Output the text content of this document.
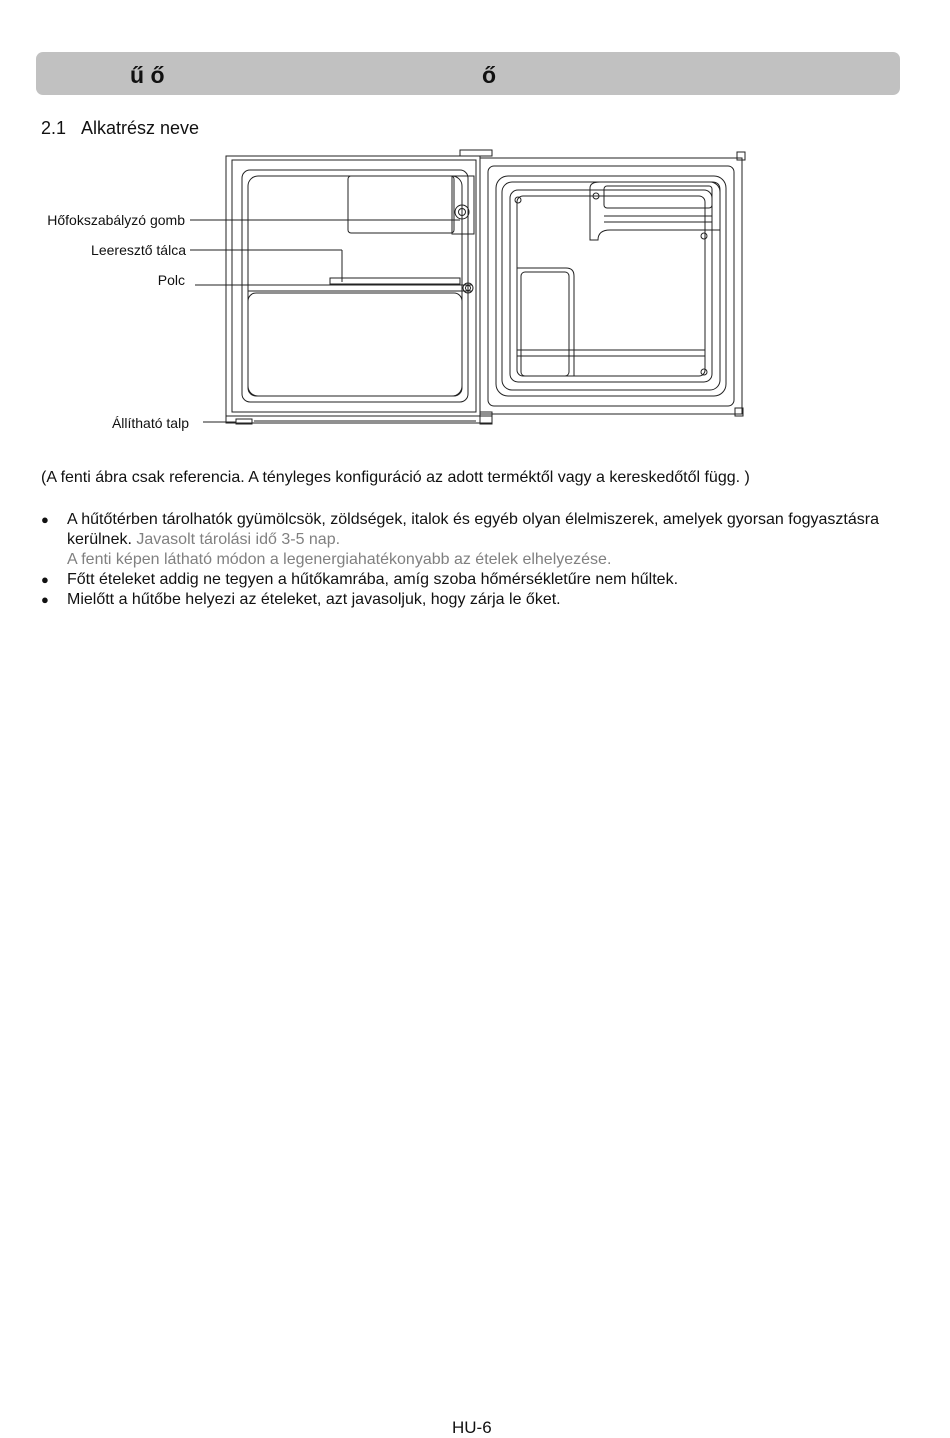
ű ő	ő
2.1 Alkatrész neve
Hőfokszabályzó gomb
Leeresztő tálca
Polc
Állítható talp
(A fenti ábra csak referencia. A tényleges konfiguráció az adott terméktől vagy a kereskedőtől függ. )
● A hűtőtérben tárolhatók gyümölcsök, zöldségek, italok és egyéb olyan élelmiszerek, amelyek gyorsan fogyasztásra kerülnek. Javasolt tárolási idő 3-5 nap.
A fenti képen látható módon a legenergiahatékonyabb az ételek elhelyezése.
● Főtt ételeket addig ne tegyen a hűtőkamrába, amíg szoba hőmérsékletűre nem hűltek.
● Mielőtt a hűtőbe helyezi az ételeket, azt javasoljuk, hogy zárja le őket.
HU-6
